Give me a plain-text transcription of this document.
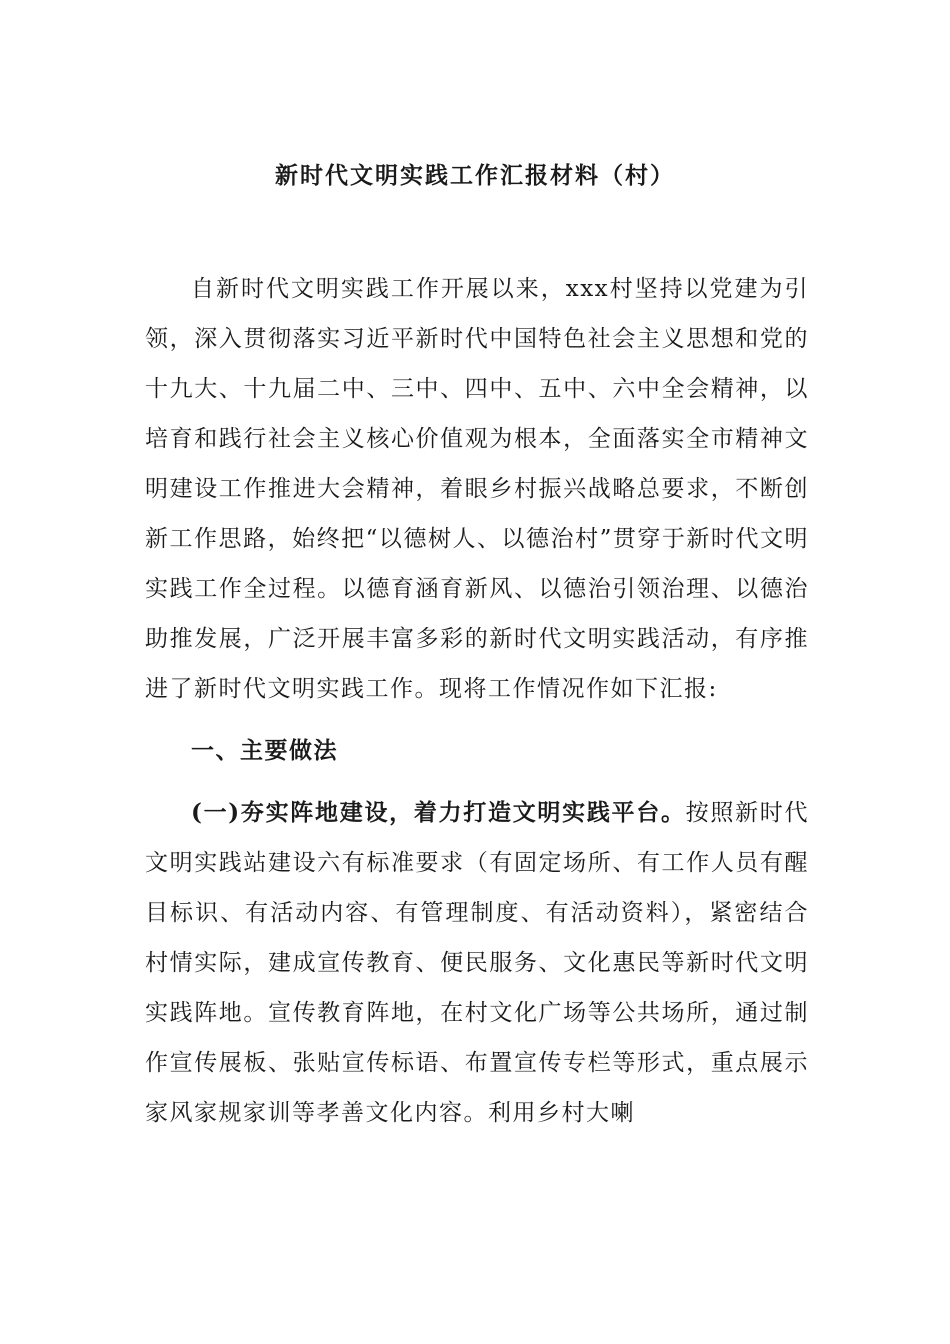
新时代文明实践工作汇报材料（村）

自新时代文明实践工作开展以来，xxx村坚持以党建为引领，深入贯彻落实习近平新时代中国特色社会主义思想和党的十九大、十九届二中、三中、四中、五中、六中全会精神，以培育和践行社会主义核心价值观为根本，全面落实全市精神文明建设工作推进大会精神，着眼乡村振兴战略总要求，不断创新工作思路，始终把“以德树人、以德治村”贯穿于新时代文明实践工作全过程。以德育涵育新风、以德治引领治理、以德治助推发展，广泛开展丰富多彩的新时代文明实践活动，有序推进了新时代文明实践工作。现将工作情况作如下汇报:

一、主要做法

(一)夯实阵地建设，着力打造文明实践平台。按照新时代文明实践站建设六有标准要求（有固定场所、有工作人员有醒目标识、有活动内容、有管理制度、有活动资料），紧密结合村情实际，建成宣传教育、便民服务、文化惠民等新时代文明实践阵地。宣传教育阵地，在村文化广场等公共场所，通过制作宣传展板、张贴宣传标语、布置宣传专栏等形式，重点展示家风家规家训等孝善文化内容。利用乡村大喇
